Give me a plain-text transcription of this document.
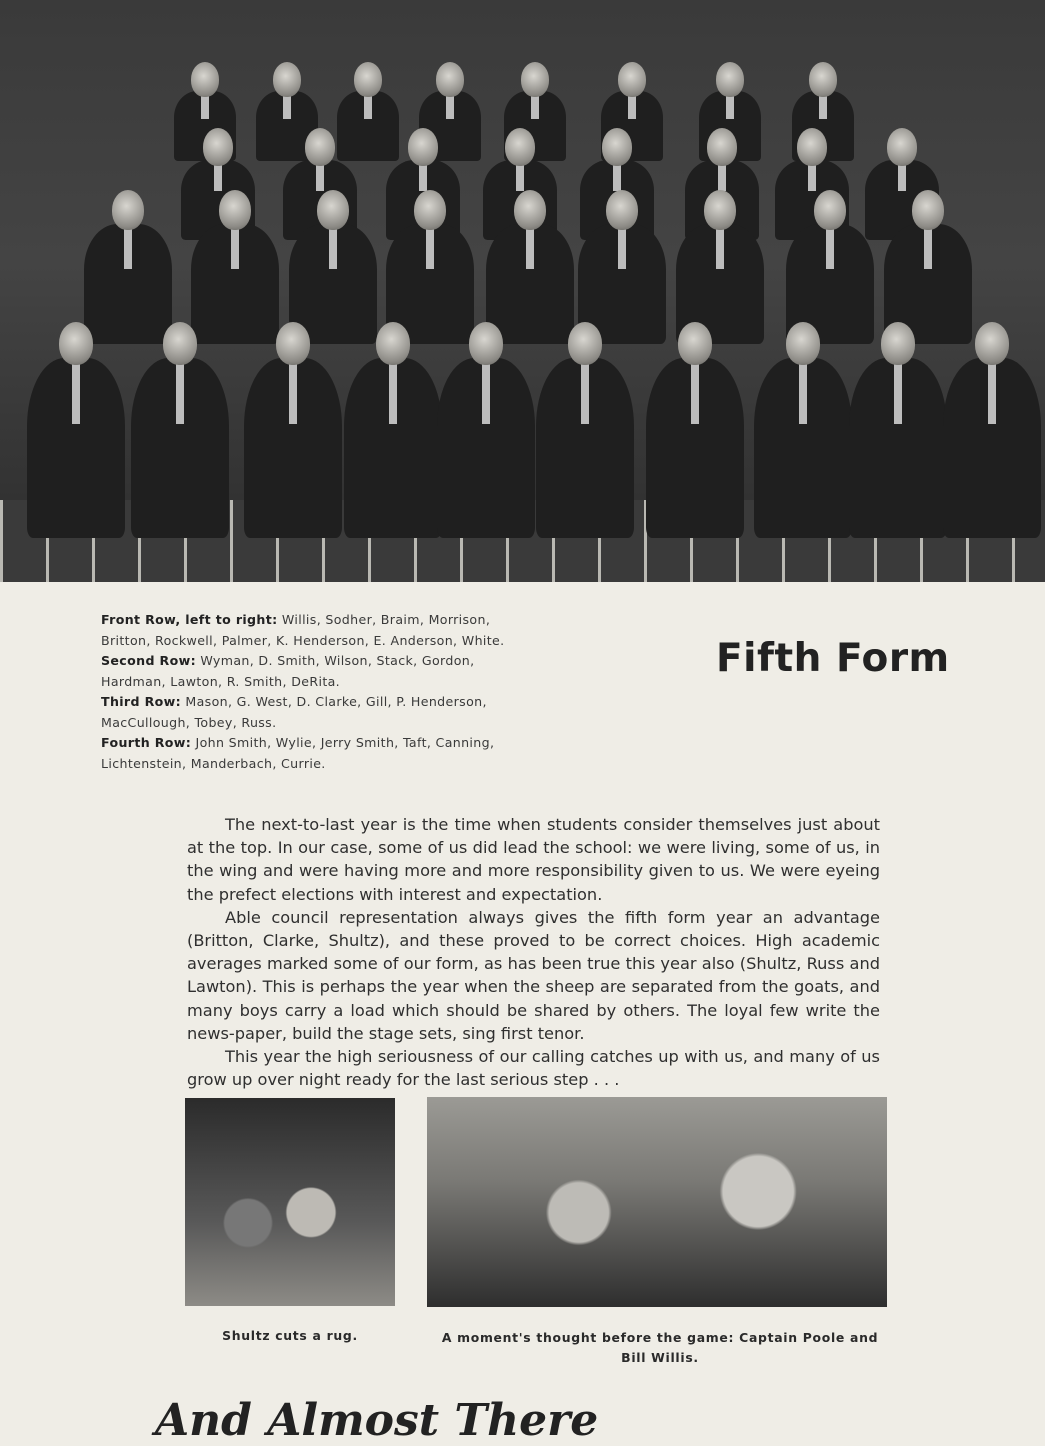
Front Row, left to right: Willis, Sodher, Braim, Morrison, Britton, Rockwell, Palmer, K. Henderson, E. Anderson, White.

Second Row: Wyman, D. Smith, Wilson, Stack, Gordon, Hardman, Lawton, R. Smith, DeRita.

Third Row: Mason, G. West, D. Clarke, Gill, P. Henderson, MacCullough, Tobey, Russ.

Fourth Row: John Smith, Wylie, Jerry Smith, Taft, Canning, Lichtenstein, Manderbach, Currie.

Fifth Form

The next-to-last year is the time when students consider themselves just about at the top. In our case, some of us did lead the school: we were living, some of us, in the wing and were having more and more responsibility given to us. We were eyeing the prefect elections with interest and expectation.

Able council representation always gives the fifth form year an advantage (Britton, Clarke, Shultz), and these proved to be correct choices. High academic averages marked some of our form, as has been true this year also (Shultz, Russ and Lawton). This is perhaps the year when the sheep are separated from the goats, and many boys carry a load which should be shared by others. The loyal few write the news-paper, build the stage sets, sing first tenor.

This year the high seriousness of our calling catches up with us, and many of us grow up over night ready for the last serious step . . .

Shultz cuts a rug.	A moment's thought before the game: Captain Poole and Bill Willis.
And Almost There
